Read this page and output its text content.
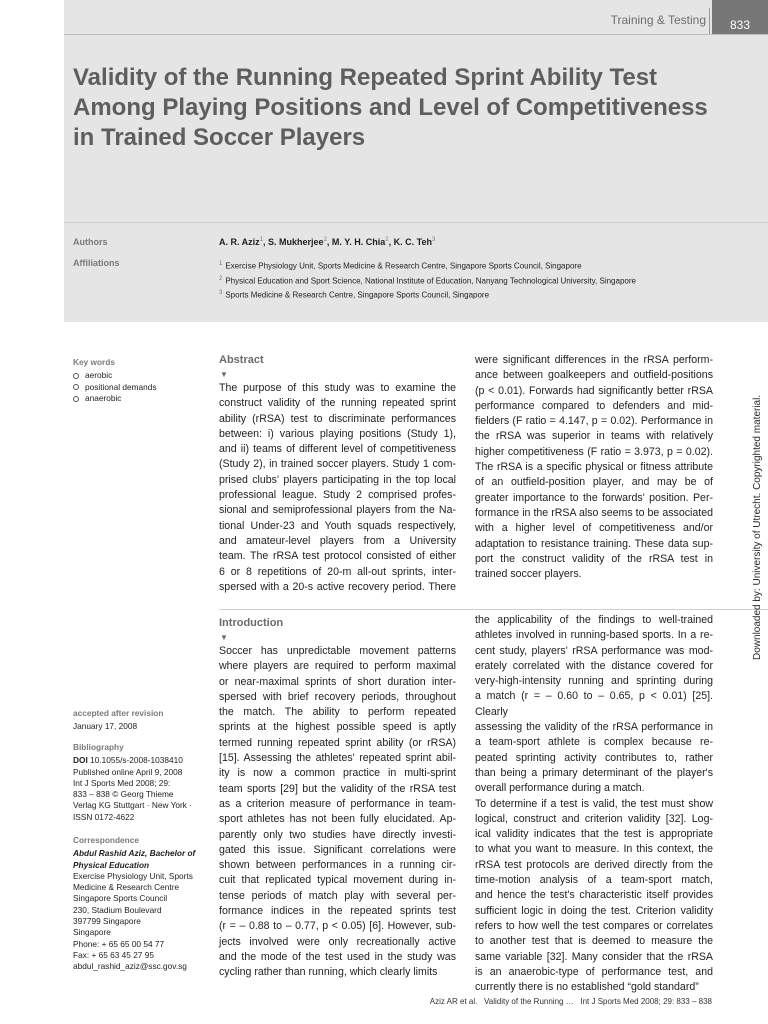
Training & Testing	833
Validity of the Running Repeated Sprint Ability Test
Among Playing Positions and Level of Competitiveness
in Trained Soccer Players
Authors	A. R. Aziz$^1$, S. Mukherjee$^2$, M. Y. H. Chia$^2$, K. C. Teh$^3$
Affiliations	$^1$ Exercise Physiology Unit, Sports Medicine & Research Centre, Singapore Sports Council, Singapore
$^2$ Physical Education and Sport Science, National Institute of Education, Nanyang Technological University, Singapore
$^3$ Sports Medicine & Research Centre, Singapore Sports Council, Singapore
Key words
aerobic
positional demands
anaerobic
accepted after revision
January 17, 2008
Bibliography
DOI 10.1055/s-2008-1038410
Published online April 9, 2008
Int J Sports Med 2008; 29:
833 – 838 © Georg Thieme
Verlag KG Stuttgart · New York ·
ISSN 0172-4622
Correspondence
Abdul Rashid Aziz, Bachelor of
Physical Education
Exercise Physiology Unit, Sports
Medicine & Research Centre
Singapore Sports Council
230, Stadium Boulevard
397799 Singapore
Singapore
Phone: + 65 65 00 54 77
Fax: + 65 63 45 27 95
abdul_rashid_aziz@ssc.gov.sg
Abstract
▼
The purpose of this study was to examine the
construct validity of the running repeated sprint
ability (rRSA) test to discriminate performances
between: i) various playing positions (Study 1),
and ii) teams of different level of competitiveness
(Study 2), in trained soccer players. Study 1 com-
prised clubs' players participating in the top local
professional league. Study 2 comprised profes-
sional and semiprofessional players from the Na-
tional Under-23 and Youth squads respectively,
and amateur-level players from a University
team. The rRSA test protocol consisted of either
6 or 8 repetitions of 20-m all-out sprints, inter-
spersed with a 20-s active recovery period. There
were significant differences in the rRSA perform-
ance between goalkeepers and outfield-positions
(p < 0.01). Forwards had significantly better rRSA
performance compared to defenders and mid-
fielders (F ratio = 4.147, p = 0.02). Performance in
the rRSA was superior in teams with relatively
higher competitiveness (F ratio = 3.973, p = 0.02).
The rRSA is a specific physical or fitness attribute
of an outfield-position player, and may be of
greater importance to the forwards' position. Per-
formance in the rRSA also seems to be associated
with a higher level of competitiveness and/or
adaptation to resistance training. These data sup-
port the construct validity of the rRSA test in
trained soccer players.
Introduction
▼
Soccer has unpredictable movement patterns
where players are required to perform maximal
or near-maximal sprints of short duration inter-
spersed with brief recovery periods, throughout
the match. The ability to perform repeated
sprints at the highest possible speed is aptly
termed running repeated sprint ability (or rRSA)
[15]. Assessing the athletes' repeated sprint abil-
ity is now a common practice in multi-sprint
team sports [29] but the validity of the rRSA test
as a criterion measure of performance in team-
sport athletes has not been fully elucidated. Ap-
parently only two studies have directly investi-
gated this issue. Significant correlations were
shown between performances in a running cir-
cuit that replicated typical movement during in-
tense periods of match play with several per-
formance indices in the repeated sprints test
(r = – 0.88 to – 0.77, p < 0.05) [6]. However, sub-
jects involved were only recreationally active
and the mode of the test used in the study was
cycling rather than running, which clearly limits
the applicability of the findings to well-trained
athletes involved in running-based sports. In a re-
cent study, players' rRSA performance was mod-
erately correlated with the distance covered for
very-high-intensity running and sprinting during
a match (r = – 0.60 to – 0.65, p < 0.01) [25]. Clearly
assessing the validity of the rRSA performance in
a team-sport athlete is complex because re-
peated sprinting activity contributes to, rather
than being a primary determinant of the player's
overall performance during a match.
To determine if a test is valid, the test must show
logical, construct and criterion validity [32]. Log-
ical validity indicates that the test is appropriate
to what you want to measure. In this context, the
rRSA test protocols are derived directly from the
time-motion analysis of a team-sport match,
and hence the test's characteristic itself provides
sufficient logic in doing the test. Criterion validity
refers to how well the test compares or correlates
to another test that is deemed to measure the
same variable [32]. Many consider that the rRSA
is an anaerobic-type of performance test, and
currently there is no established “gold standard”
Downloaded by: University of Utrecht. Copyrighted material.
Aziz AR et al.   Validity of the Running …   Int J Sports Med 2008; 29: 833 – 838
